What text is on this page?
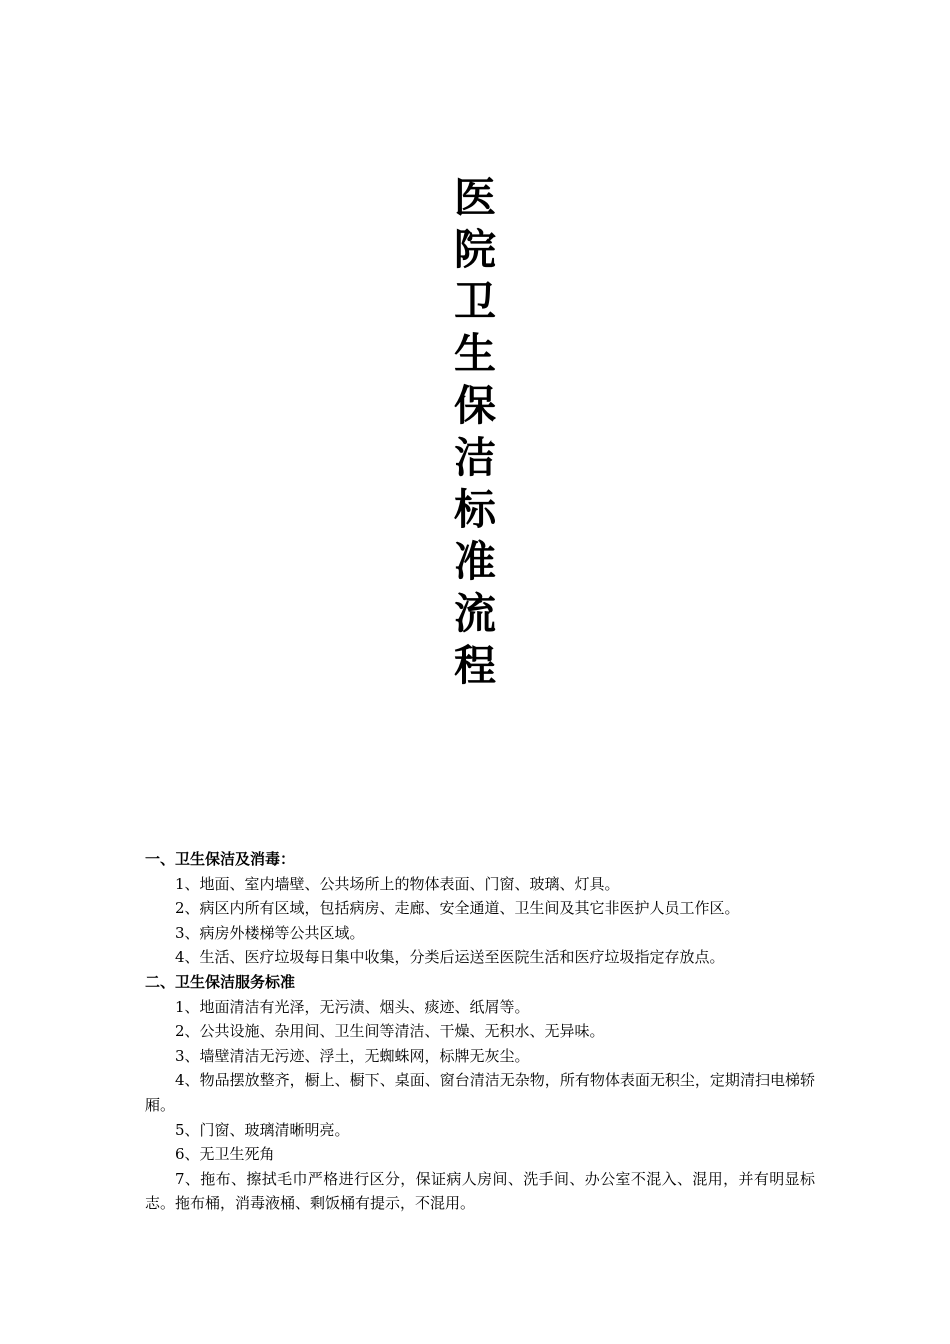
医
院
卫
生
保
洁
标
准
流
程

一、卫生保洁及消毒：

1、地面、室内墙壁、公共场所上的物体表面、门窗、玻璃、灯具。

2、病区内所有区域，包括病房、走廊、安全通道、卫生间及其它非医护人员工作区。

3、病房外楼梯等公共区域。

4、生活、医疗垃圾每日集中收集，分类后运送至医院生活和医疗垃圾指定存放点。

二、卫生保洁服务标准

1、地面清洁有光泽，无污渍、烟头、痰迹、纸屑等。

2、公共设施、杂用间、卫生间等清洁、干燥、无积水、无异味。

3、墙壁清洁无污迹、浮土，无蜘蛛网，标牌无灰尘。

4、物品摆放整齐，橱上、橱下、桌面、窗台清洁无杂物，所有物体表面无积尘，定期清扫电梯轿厢。

5、门窗、玻璃清晰明亮。

6、无卫生死角

7、拖布、擦拭毛巾严格进行区分，保证病人房间、洗手间、办公室不混入、混用，并有明显标志。拖布桶，消毒液桶、剩饭桶有提示，不混用。
